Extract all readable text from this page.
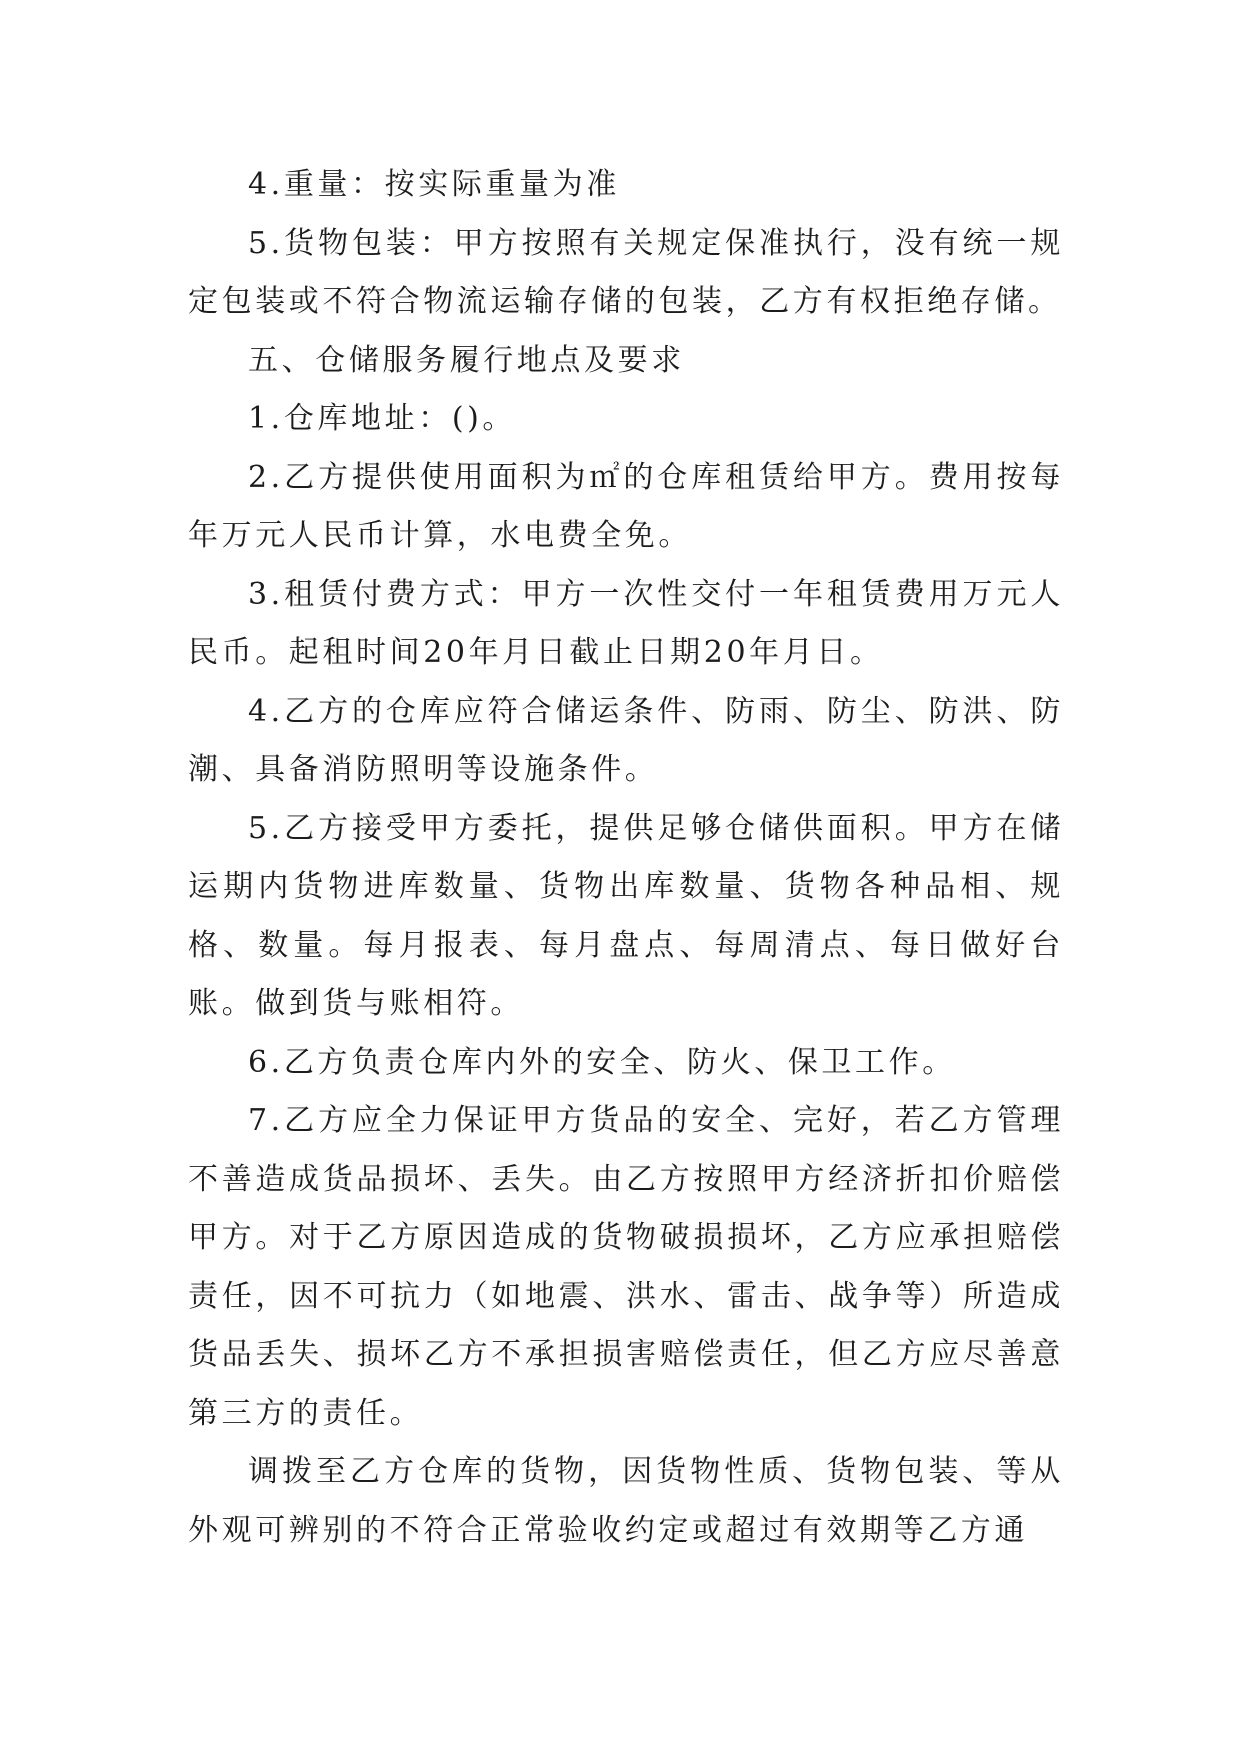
4.重量：按实际重量为准

5.货物包装：甲方按照有关规定保准执行，没有统一规定包装或不符合物流运输存储的包装，乙方有权拒绝存储。

五、仓储服务履行地点及要求

1.仓库地址：()。

2.乙方提供使用面积为㎡的仓库租赁给甲方。费用按每年万元人民币计算，水电费全免。

3.租赁付费方式：甲方一次性交付一年租赁费用万元人民币。起租时间20年月日截止日期20年月日。

4.乙方的仓库应符合储运条件、防雨、防尘、防洪、防潮、具备消防照明等设施条件。

5.乙方接受甲方委托，提供足够仓储供面积。甲方在储运期内货物进库数量、货物出库数量、货物各种品相、规格、数量。每月报表、每月盘点、每周清点、每日做好台账。做到货与账相符。

6.乙方负责仓库内外的安全、防火、保卫工作。

7.乙方应全力保证甲方货品的安全、完好，若乙方管理不善造成货品损坏、丢失。由乙方按照甲方经济折扣价赔偿甲方。对于乙方原因造成的货物破损损坏，乙方应承担赔偿责任，因不可抗力（如地震、洪水、雷击、战争等）所造成货品丢失、损坏乙方不承担损害赔偿责任，但乙方应尽善意第三方的责任。

调拨至乙方仓库的货物，因货物性质、货物包装、等从外观可辨别的不符合正常验收约定或超过有效期等乙方通
